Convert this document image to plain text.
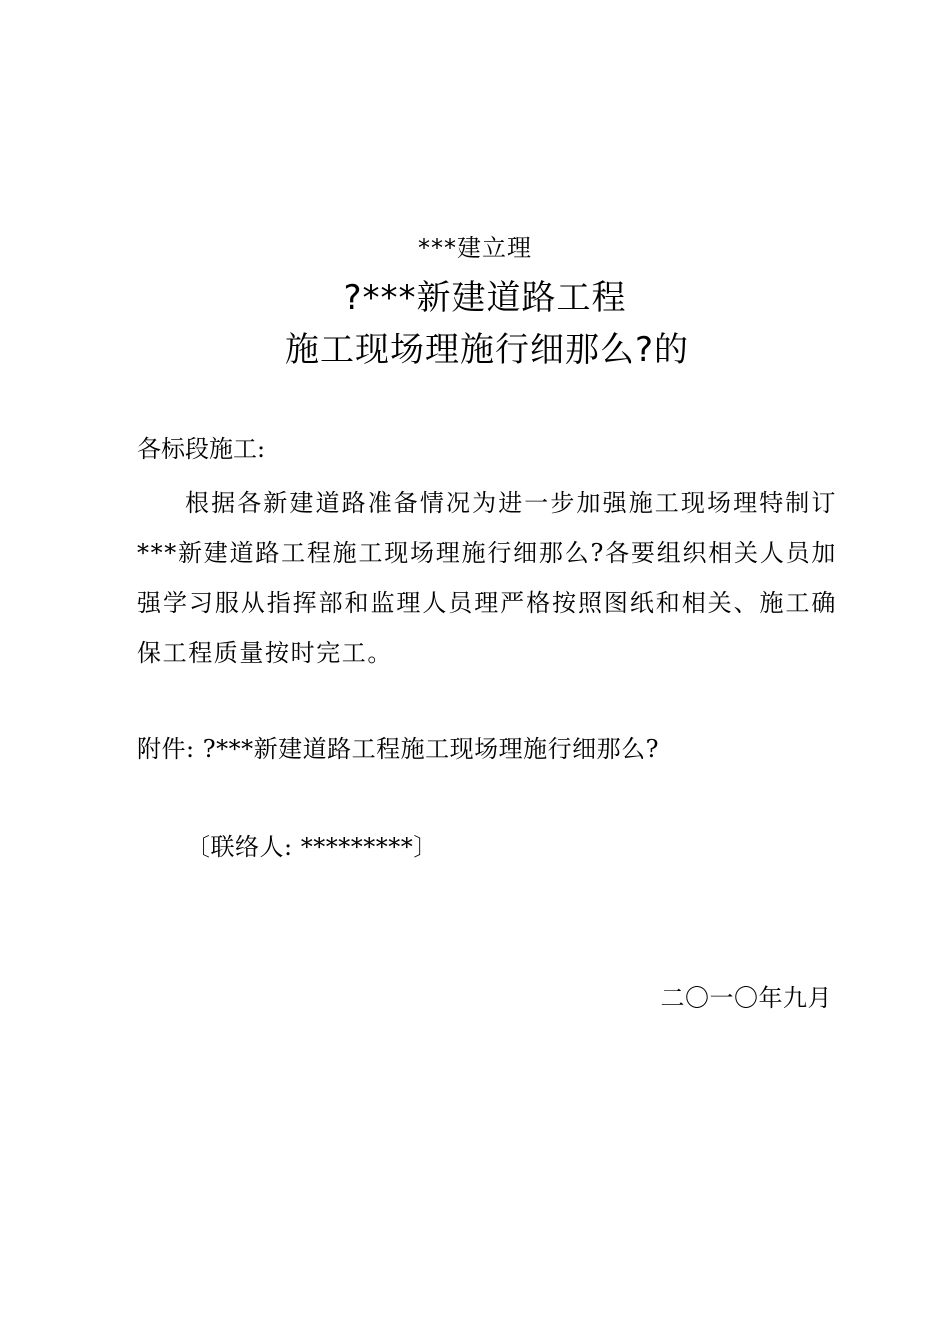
***建立理
?***新建道路工程
施工现场理施行细那么?的
各标段施工:
根据各新建道路准备情况为进一步加强施工现场理特制订***新建道路工程施工现场理施行细那么?各要组织相关人员加强学习服从指挥部和监理人员理严格按照图纸和相关、施工确保工程质量按时完工。
附件: ?***新建道路工程施工现场理施行细那么?
〔联络人: *********〕
二〇一〇年九月
